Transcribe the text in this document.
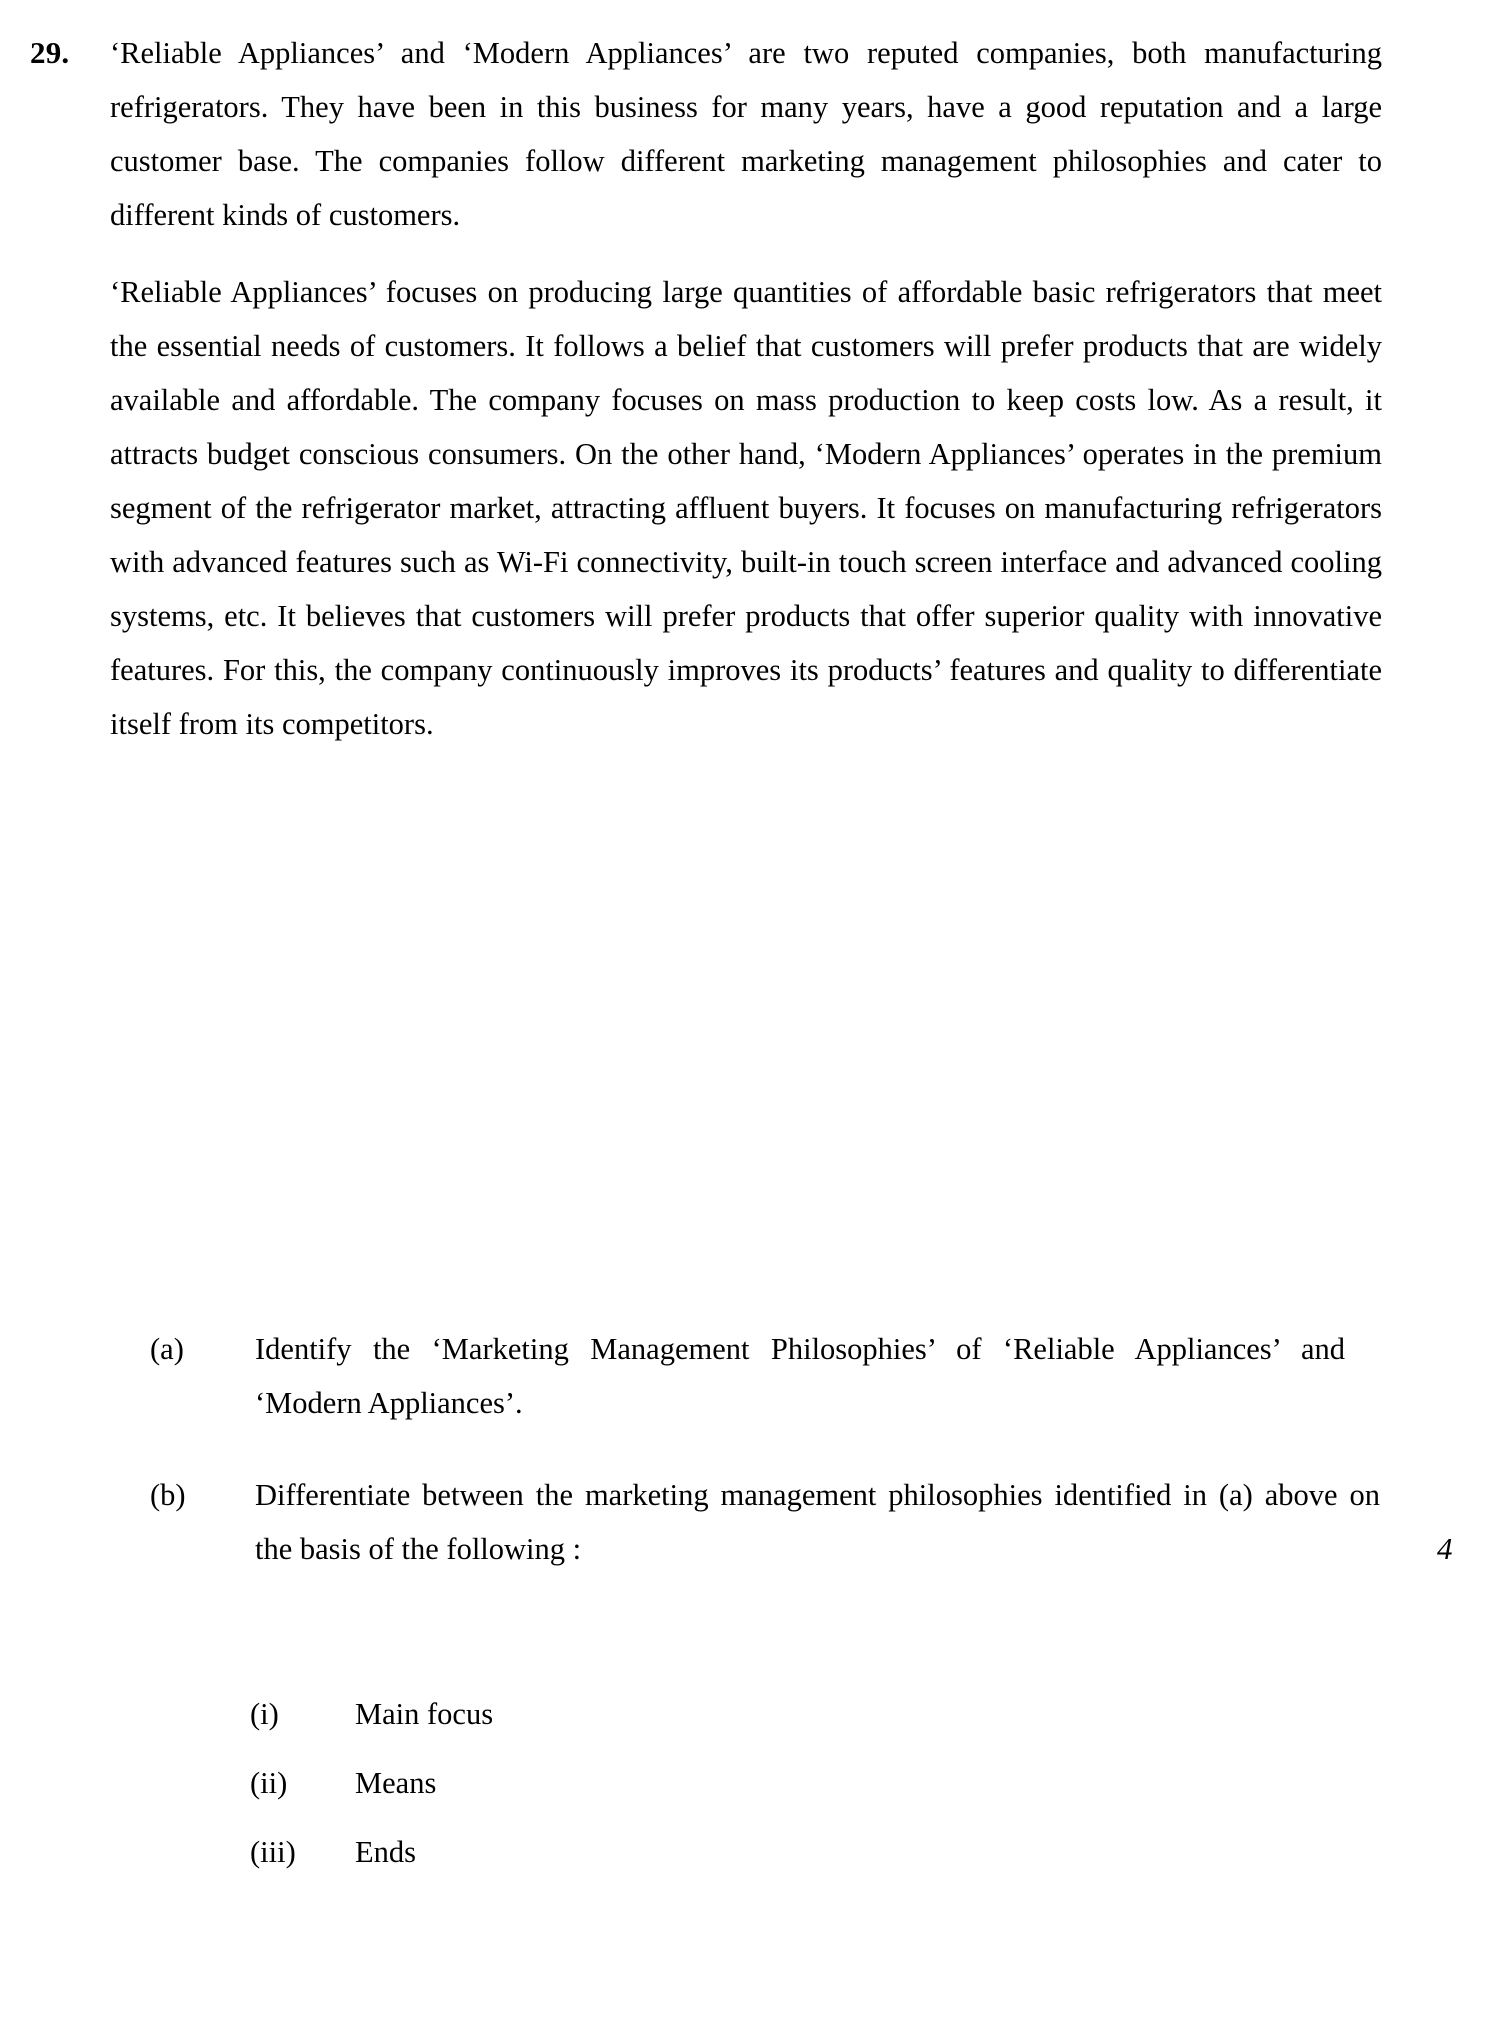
29. ‘Reliable Appliances’ and ‘Modern Appliances’ are two reputed companies, both manufacturing refrigerators. They have been in this business for many years, have a good reputation and a large customer base. The companies follow different marketing management philosophies and cater to different kinds of customers.

‘Reliable Appliances’ focuses on producing large quantities of affordable basic refrigerators that meet the essential needs of customers. It follows a belief that customers will prefer products that are widely available and affordable. The company focuses on mass production to keep costs low. As a result, it attracts budget conscious consumers. On the other hand, ‘Modern Appliances’ operates in the premium segment of the refrigerator market, attracting affluent buyers. It focuses on manufacturing refrigerators with advanced features such as Wi-Fi connectivity, built-in touch screen interface and advanced cooling systems, etc. It believes that customers will prefer products that offer superior quality with innovative features. For this, the company continuously improves its products’ features and quality to differentiate itself from its competitors.

(a)	Identify the ‘Marketing Management Philosophies’ of ‘Reliable Appliances’ and ‘Modern Appliances’.
(b)	Differentiate between the marketing management philosophies identified in (a) above on the basis of the following :	4
(i)	Main focus
(ii)	Means
(iii)	Ends
